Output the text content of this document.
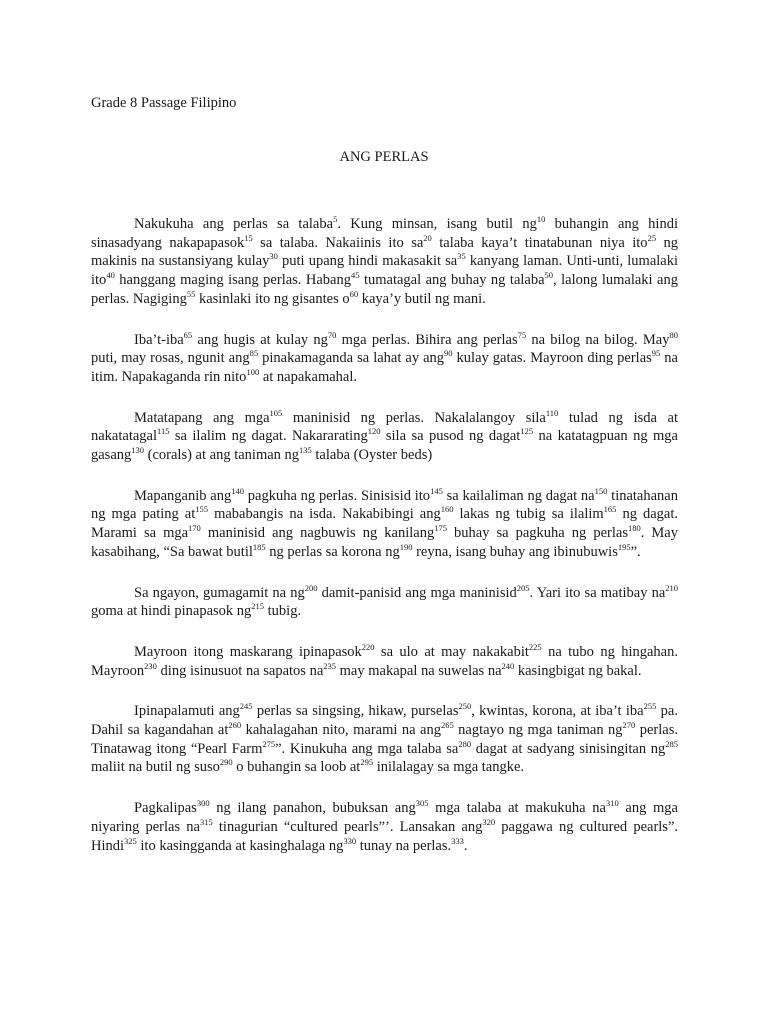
Grade 8 Passage Filipino
ANG PERLAS

Nakukuha ang perlas sa talaba$^5$. Kung minsan, isang butil $ng^{10}$ buhangin ang hindi sinasadyang nakapapasok$^{15}$ sa talaba. Nakaiinis ito $sa^{20}$ talaba kaya’t tinatabunan niya ito$^{25}$ ng makinis na sustansiyang kulay$^{30}$ puti upang hindi makasakit $sa^{35}$ kanyang laman. Unti-unti, lumalaki ito$^{40}$ hanggang maging isang perlas. Habang$^{45}$ tumatagal ang buhay ng talaba$^{50}$, lalong lumalaki ang perlas. Nagiging$^{55}$ kasinlaki ito ng gisantes $o^{60}$ kaya’y butil ng mani.

Iba’t-iba$^{65}$ ang hugis at kulay $ng^{70}$ mga perlas. Bihira ang perlas$^{75}$ na bilog na bilog. May$^{80}$ puti, may rosas, ngunit ang$^{85}$ pinakamaganda sa lahat ay ang$^{90}$ kulay gatas. Mayroon ding perlas$^{95}$ na itim. Napakaganda rin nito$^{100}$ at napakamahal.

Matatapang ang mga$^{105}$ maninisid ng perlas. Nakalalangoy sila$^{110}$ tulad ng isda at nakatatagal$^{115}$ sa ilalim ng dagat. Nakararating$^{120}$ sila sa pusod ng dagat$^{125}$ na katatagpuan ng mga gasang$^{130}$ (corals) at ang taniman $ng^{135}$ talaba (Oyster beds)

Mapanganib ang$^{140}$ pagkuha ng perlas. Sinisisid ito$^{145}$ sa kailaliman ng dagat $na^{150}$ tinatahanan ng mga pating $at^{155}$ mababangis na isda. Nakabibingi ang$^{160}$ lakas ng tubig sa ilalim$^{165}$ ng dagat. Marami sa mga$^{170}$ maninisid ang nagbuwis ng kanilang$^{175}$ buhay sa pagkuha ng perlas$^{180}$. May kasabihang, “Sa bawat butil$^{185}$ ng perlas sa korona $ng^{190}$ reyna, isang buhay ang ibinubuwis$^{195}$”.

Sa ngayon, gumagamit na $ng^{200}$ damit-panisid ang mga maninisid$^{205}$. Yari ito sa matibay $na^{210}$ goma at hindi pinapasok $ng^{215}$ tubig.

Mayroon itong maskarang ipinapasok$^{220}$ sa ulo at may nakakabit$^{225}$ na tubo ng hingahan. Mayroon$^{230}$ ding isinusuot na sapatos $na^{235}$ may makapal na suwelas $na^{240}$ kasingbigat ng bakal.

Ipinapalamuti ang$^{245}$ perlas sa singsing, hikaw, purselas$^{250}$, kwintas, korona, at iba’t iba$^{255}$ pa. Dahil sa kagandahan $at^{260}$ kahalagahan nito, marami na ang$^{265}$ nagtayo ng mga taniman $ng^{270}$ perlas. Tinatawag itong “Pearl Farm$^{275}$”. Kinukuha ang mga talaba $sa^{280}$ dagat at sadyang sinisingitan $ng^{285}$ maliit na butil ng suso$^{290}$ o buhangin sa loob $at^{295}$ inilalagay sa mga tangke.

Pagkalipas$^{300}$ ng ilang panahon, bubuksan ang$^{305}$ mga talaba at makukuha $na^{310}$ ang mga niyaring perlas $na^{315}$ tinagurian “cultured pearls”’. Lansakan ang$^{320}$ paggawa ng cultured pearls”. Hindi$^{325}$ ito kasingganda at kasinghalaga $ng^{330}$ tunay na perlas.$^{333}$.
